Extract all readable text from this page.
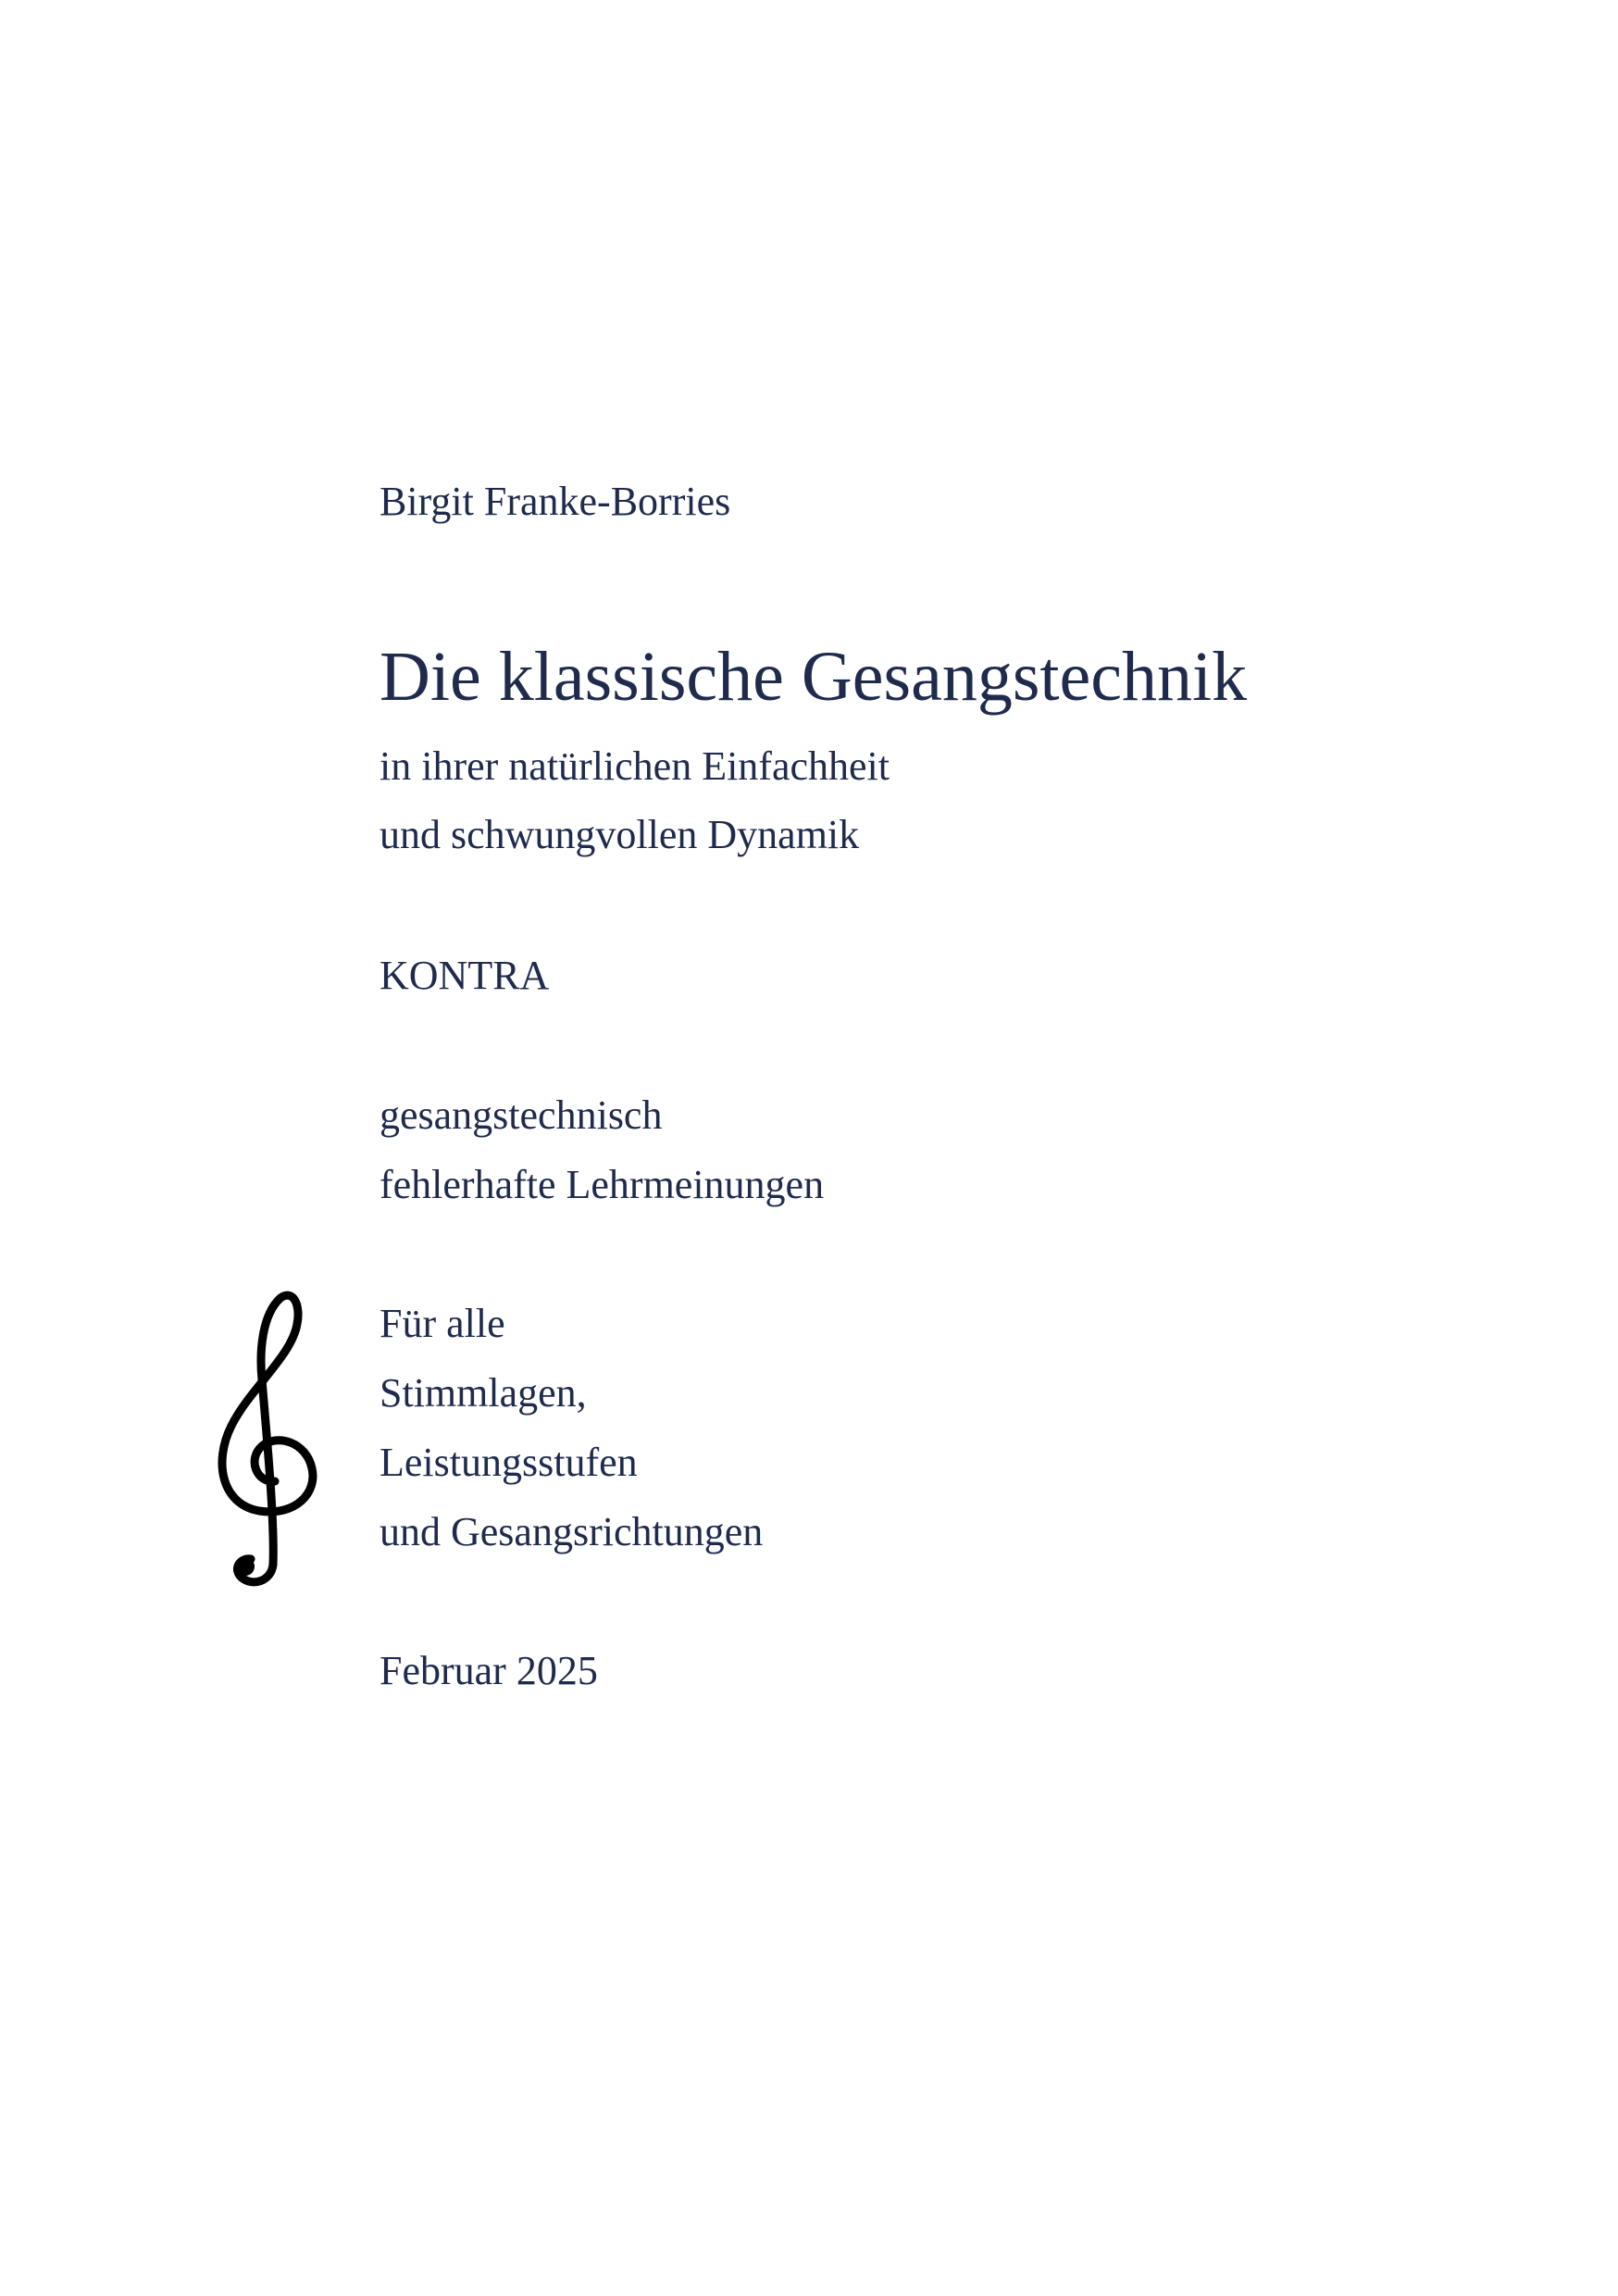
Birgit Franke-Borries
Die klassische Gesangstechnik
in ihrer natürlichen Einfachheit
und schwungvollen Dynamik
KONTRA
gesangstechnisch
fehlerhafte Lehrmeinungen
Für alle
Stimmlagen,
Leistungsstufen
und Gesangsrichtungen
Februar 2025
